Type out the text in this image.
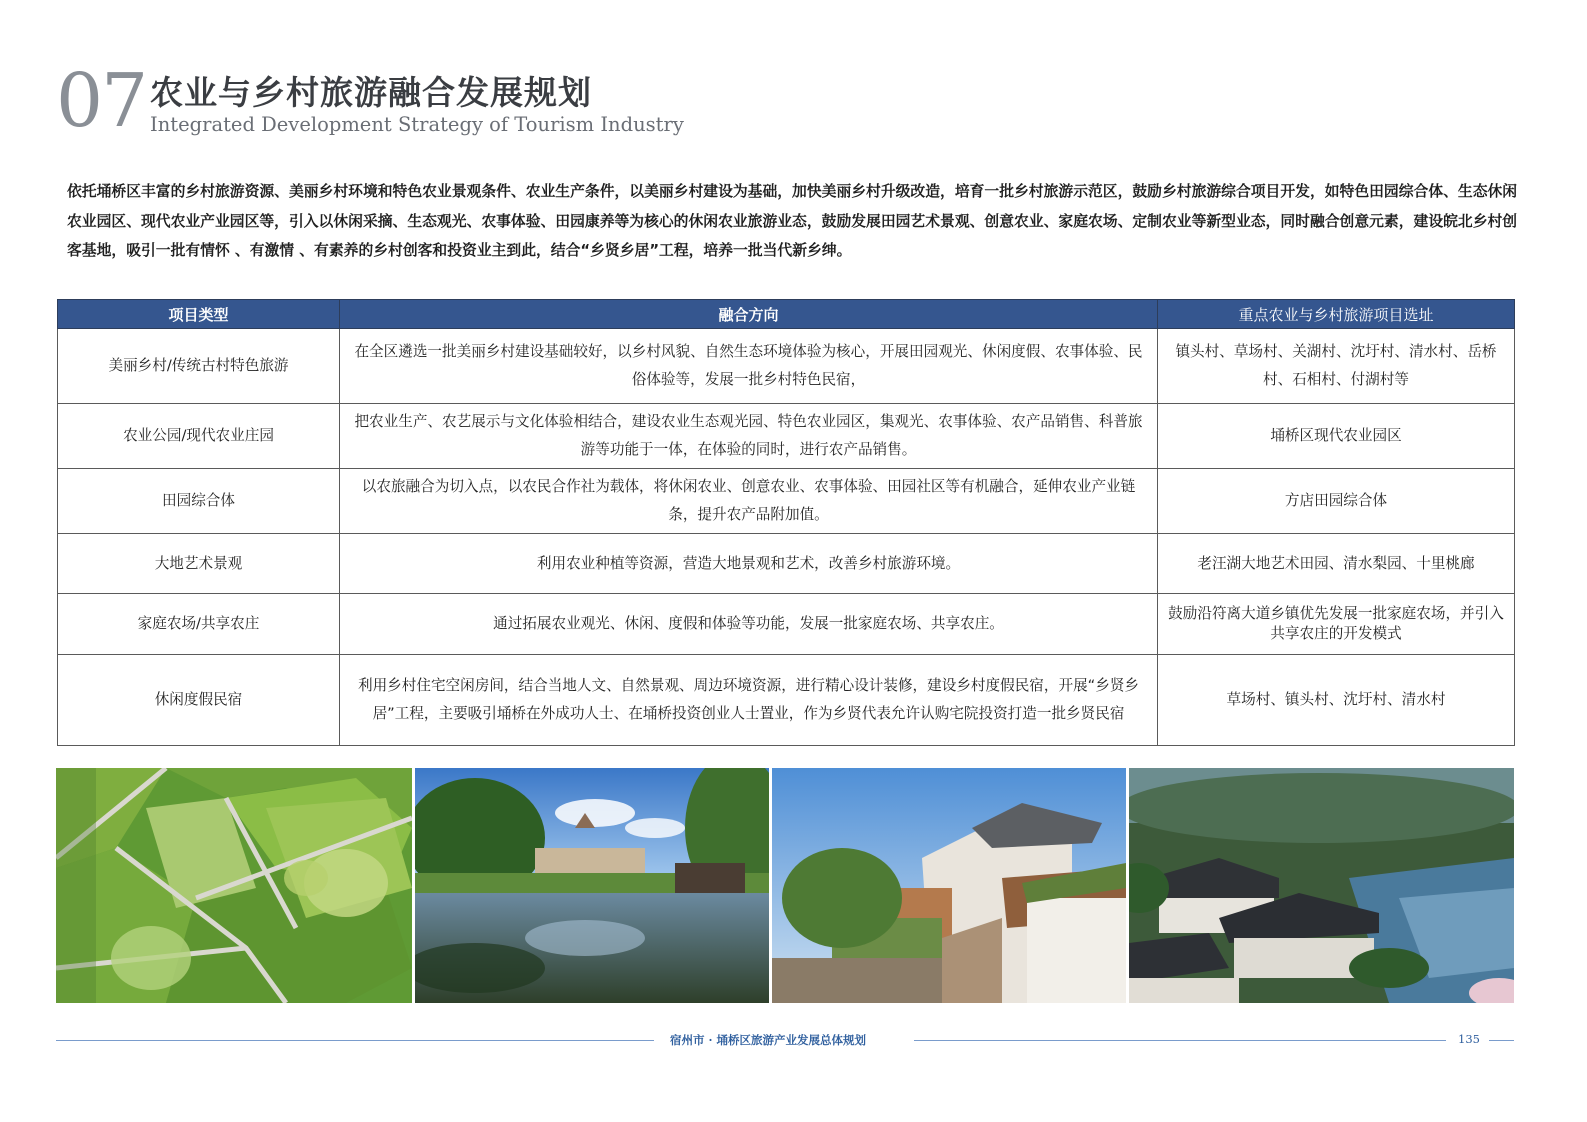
07 农业与乡村旅游融合发展规划
Integrated Development Strategy of Tourism Industry

依托埇桥区丰富的乡村旅游资源、美丽乡村环境和特色农业景观条件、农业生产条件，以美丽乡村建设为基础，加快美丽乡村升级改造，培育一批乡村旅游示范区，鼓励乡村旅游综合项目开发，如特色田园综合体、生态休闲农业园区、现代农业产业园区等，引入以休闲采摘、生态观光、农事体验、田园康养等为核心的休闲农业旅游业态，鼓励发展田园艺术景观、创意农业、家庭农场、定制农业等新型业态，同时融合创意元素，建设皖北乡村创客基地，吸引一批有情怀 、有激情 、有素养的乡村创客和投资业主到此，结合“乡贤乡居”工程，培养一批当代新乡绅。

项目类型	融合方向	重点农业与乡村旅游项目选址
美丽乡村/传统古村特色旅游	在全区遴选一批美丽乡村建设基础较好，以乡村风貌、自然生态环境体验为核心，开展田园观光、休闲度假、农事体验、民俗体验等，发展一批乡村特色民宿，	镇头村、草场村、关湖村、沈圩村、清水村、岳桥村、石相村、付湖村等
农业公园/现代农业庄园	把农业生产、农艺展示与文化体验相结合，建设农业生态观光园、特色农业园区，集观光、农事体验、农产品销售、科普旅游等功能于一体，在体验的同时，进行农产品销售。	埇桥区现代农业园区
田园综合体	以农旅融合为切入点，以农民合作社为载体，将休闲农业、创意农业、农事体验、田园社区等有机融合，延伸农业产业链条，提升农产品附加值。	方店田园综合体
大地艺术景观	利用农业种植等资源，营造大地景观和艺术，改善乡村旅游环境。	老汪湖大地艺术田园、清水梨园、十里桃廊
家庭农场/共享农庄	通过拓展农业观光、休闲、度假和体验等功能，发展一批家庭农场、共享农庄。	鼓励沿符离大道乡镇优先发展一批家庭农场，并引入共享农庄的开发模式
休闲度假民宿	利用乡村住宅空闲房间，结合当地人文、自然景观、周边环境资源，进行精心设计装修，建设乡村度假民宿，开展“乡贤乡居”工程，主要吸引埇桥在外成功人士、在埇桥投资创业人士置业，作为乡贤代表允许认购宅院投资打造一批乡贤民宿	草场村、镇头村、沈圩村、清水村
宿州市 · 埇桥区旅游产业发展总体规划	135
